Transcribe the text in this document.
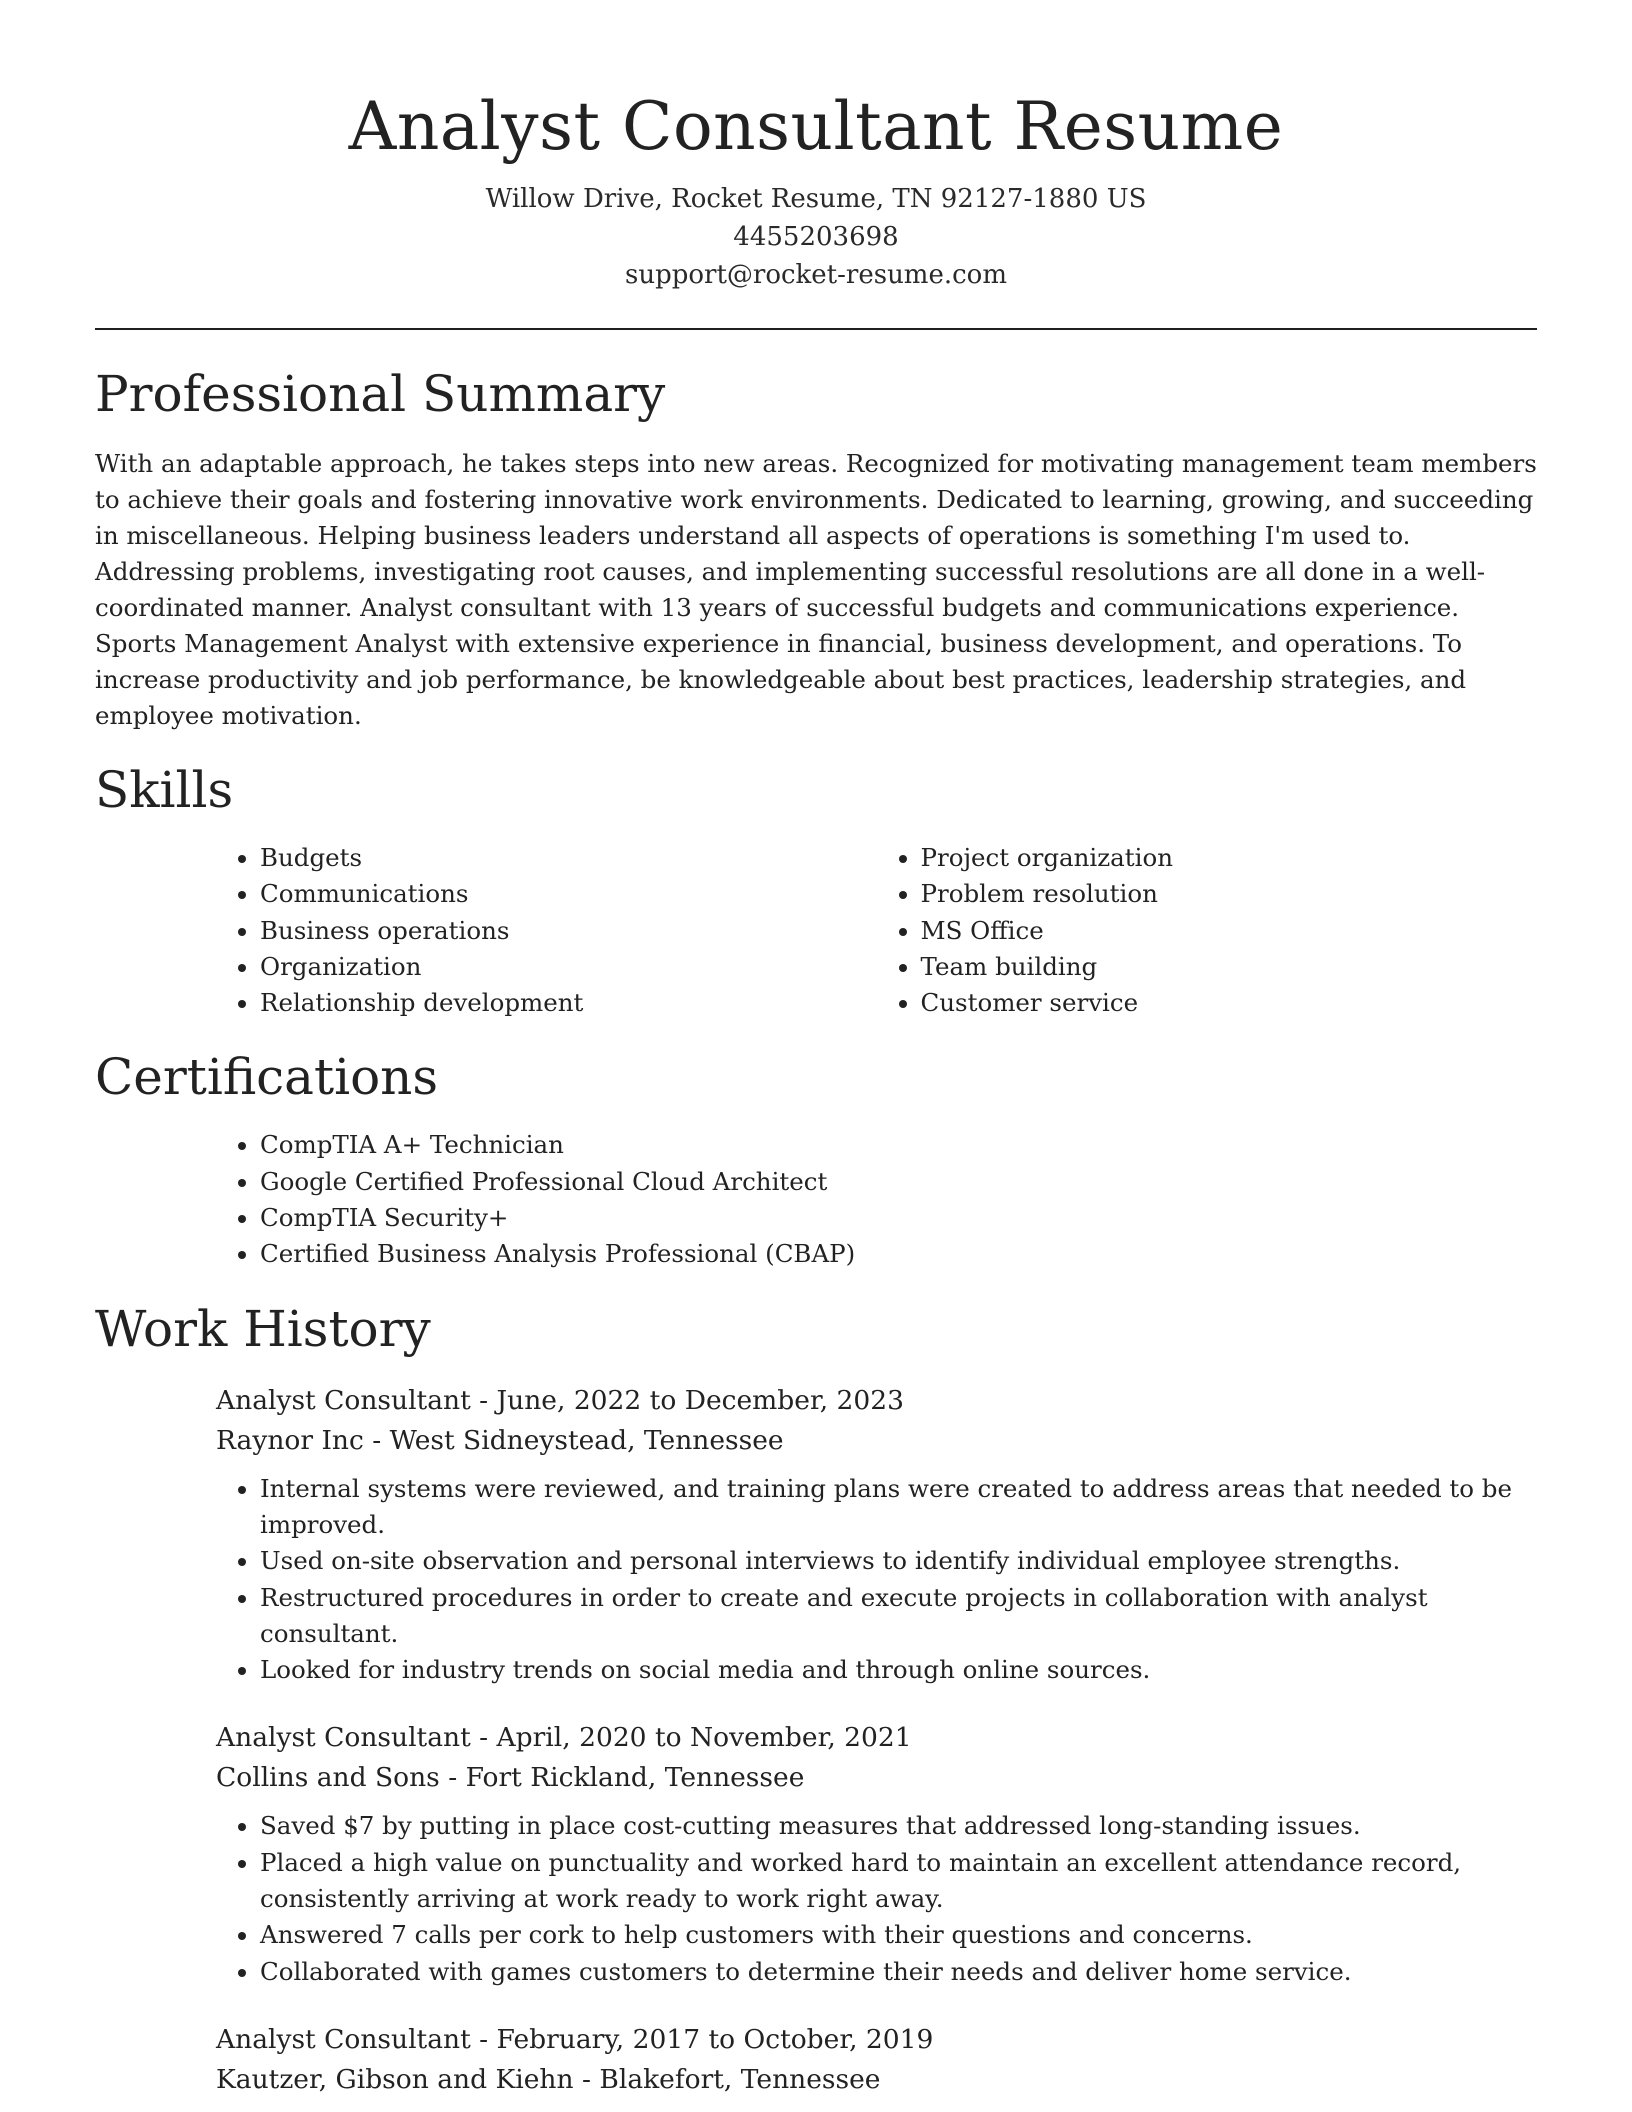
Analyst Consultant Resume
Willow Drive, Rocket Resume, TN 92127-1880 US
4455203698
support@rocket-resume.com
Professional Summary

With an adaptable approach, he takes steps into new areas. Recognized for motivating management team members to achieve their goals and fostering innovative work environments. Dedicated to learning, growing, and succeeding in miscellaneous. Helping business leaders understand all aspects of operations is something I'm used to. Addressing problems, investigating root causes, and implementing successful resolutions are all done in a well-coordinated manner. Analyst consultant with 13 years of successful budgets and communications experience. Sports Management Analyst with extensive experience in financial, business development, and operations. To increase productivity and job performance, be knowledgeable about best practices, leadership strategies, and employee motivation.

Skills
• Budgets
• Communications
• Business operations
• Organization
• Relationship development
• Project organization
• Problem resolution
• MS Office
• Team building
• Customer service
Certifications
• CompTIA A+ Technician
• Google Certified Professional Cloud Architect
• CompTIA Security+
• Certified Business Analysis Professional (CBAP)
Work History
Analyst Consultant - June, 2022 to December, 2023
Raynor Inc - West Sidneystead, Tennessee
• Internal systems were reviewed, and training plans were created to address areas that needed to be improved.
• Used on-site observation and personal interviews to identify individual employee strengths.
• Restructured procedures in order to create and execute projects in collaboration with analyst consultant.
• Looked for industry trends on social media and through online sources.
Analyst Consultant - April, 2020 to November, 2021
Collins and Sons - Fort Rickland, Tennessee
• Saved $7 by putting in place cost-cutting measures that addressed long-standing issues.
• Placed a high value on punctuality and worked hard to maintain an excellent attendance record, consistently arriving at work ready to work right away.
• Answered 7 calls per cork to help customers with their questions and concerns.
• Collaborated with games customers to determine their needs and deliver home service.
Analyst Consultant - February, 2017 to October, 2019
Kautzer, Gibson and Kiehn - Blakefort, Tennessee
